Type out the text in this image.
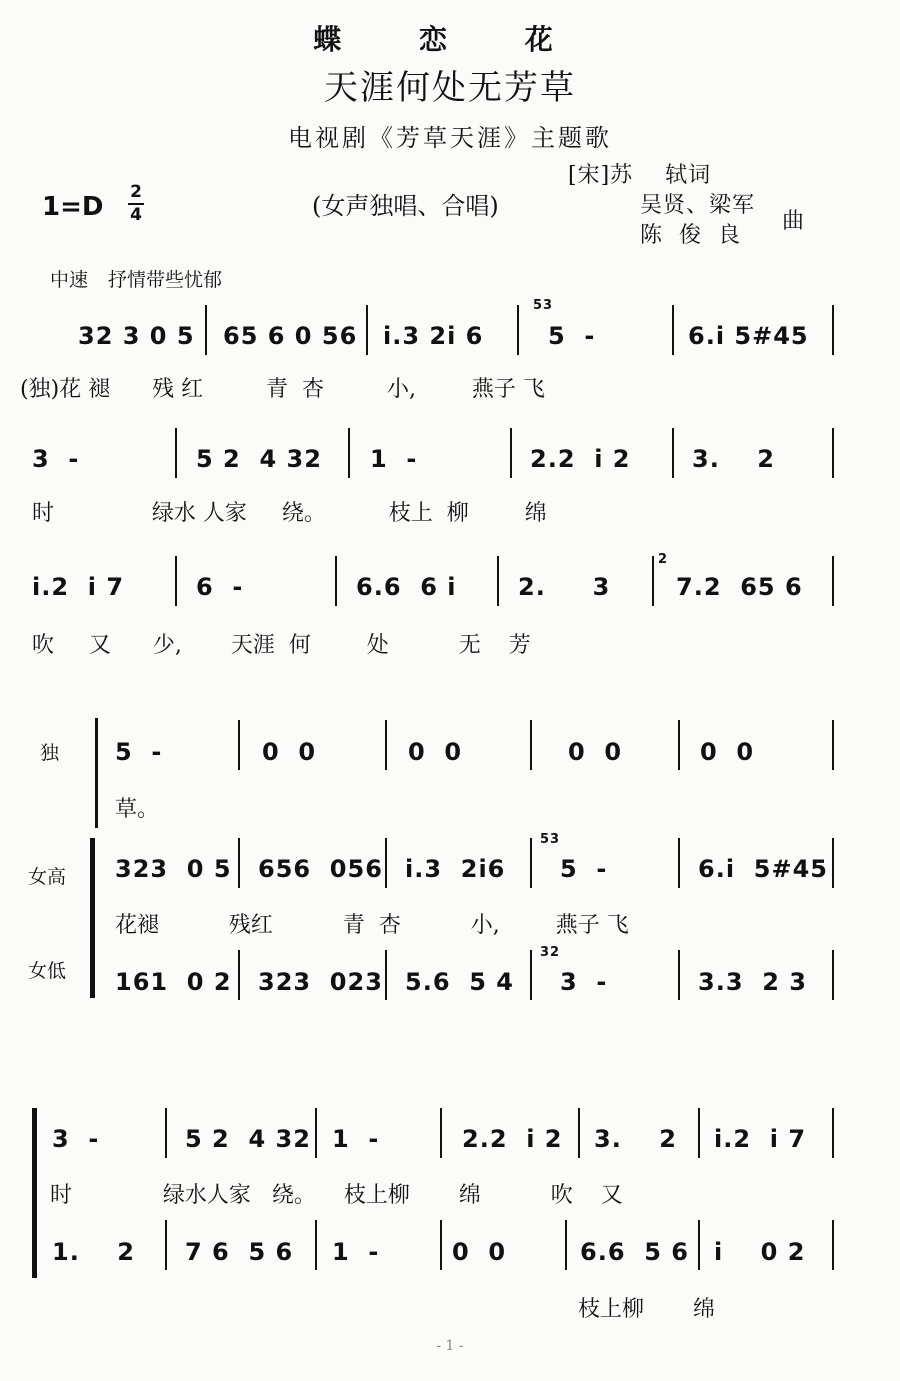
蝶 恋 花
天涯何处无芳草
电视剧《芳草天涯》主题歌
1=D 2
4	(女声独唱、合唱)
[宋]苏    轼词
吴贤、梁军
陈  俊  良
曲
中速 抒情带些忧郁
32 3 0 5 65 6 0 56 i.3 2i 6
53
5  -	6.i 5#45
(独)花 褪      残 红         青  杏         小,        燕子 飞
3  -	5 2  4 32 1  -	2.2  i 2	3.    2
时              绿水 人家     绕。         枝上  柳        绵
i.2  i 7	6  -	6.6  6 i	2.     3
2
7.2  65 6
吹     又      少,       天涯  何        处          无    芳
独
女高
女低
5  -	0  0	0  0	0  0	0  0
草。
323  0 5 656  056 i.3  2i6
53
5  -	6.i  5#45
花褪          残红          青  杏          小,        燕子 飞
161  0 2 323  023 5.6  5 4
32
3  -	3.3  2 3
3  -	5 2  4 32 1  -	2.2  i 2 3.    2 i.2  i 7
时             绿水人家   绕。    枝上柳       绵          吹    又
1.    2 7 6  5 6 1  -	0  0	6.6  5 6 i    0 2
枝上柳       绵
- 1 -
